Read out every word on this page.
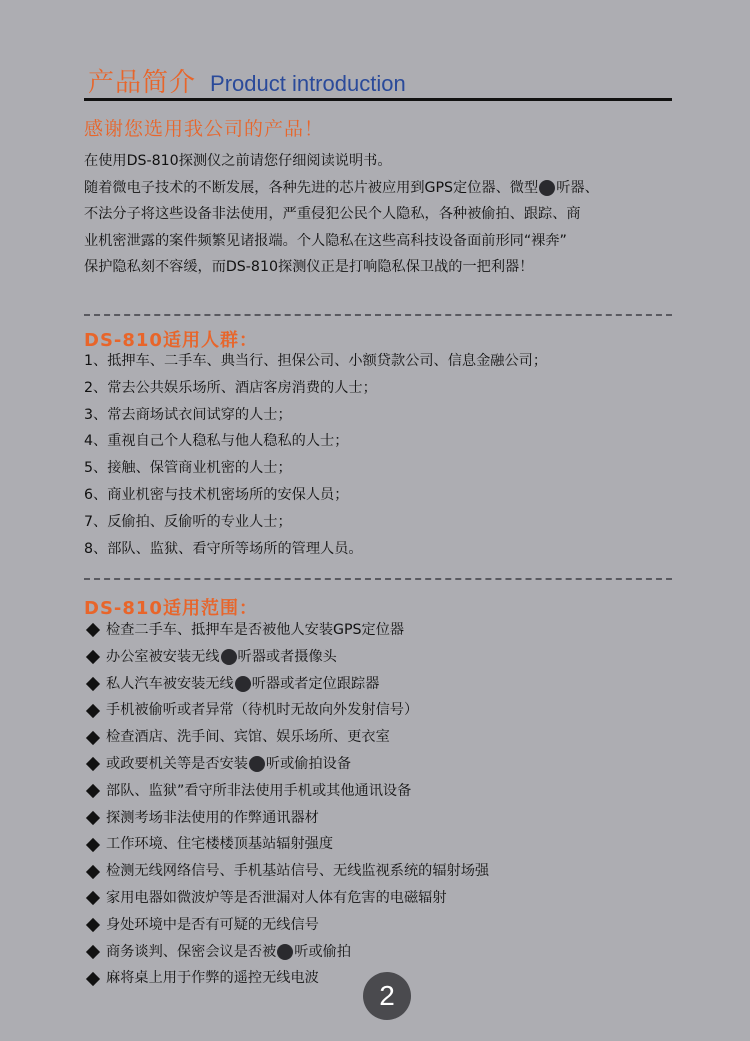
产品简介 Product introduction
感谢您选用我公司的产品！

在使用DS-810探测仪之前请您仔细阅读说明书。

随着微电子技术的不断发展，各种先进的芯片被应用到GPS定位器、微型 听器、

不法分子将这些设备非法使用，严重侵犯公民个人隐私，各种被偷拍、跟踪、商

业机密泄露的案件频繁见诸报端。个人隐私在这些高科技设备面前形同“裸奔”

保护隐私刻不容缓，而DS-810探测仪正是打响隐私保卫战的一把利器！

DS-810适用人群：
1、抵押车、二手车、典当行、担保公司、小额贷款公司、信息金融公司；
2、常去公共娱乐场所、酒店客房消费的人士；
3、常去商场试衣间试穿的人士；
4、重视自己个人稳私与他人稳私的人士；
5、接触、保管商业机密的人士；
6、商业机密与技术机密场所的安保人员；
7、反偷拍、反偷听的专业人士；
8、部队、监狱、看守所等场所的管理人员。
DS-810适用范围：
检查二手车、抵押车是否被他人安装GPS定位器
办公室被安装无线 听器或者摄像头
私人汽车被安装无线 听器或者定位跟踪器
手机被偷听或者异常（待机时无故向外发射信号）
检查酒店、洗手间、宾馆、娱乐场所、更衣室
或政要机关等是否安装 听或偷拍设备
部队、监狱”看守所非法使用手机或其他通讯设备
探测考场非法使用的作弊通讯器材
工作环境、住宅楼楼顶基站辐射强度
检测无线网络信号、手机基站信号、无线监视系统的辐射场强
家用电器如微波炉等是否泄漏对人体有危害的电磁辐射
身处环境中是否有可疑的无线信号
商务谈判、保密会议是否被 听或偷拍
麻将桌上用于作弊的遥控无线电波
2
